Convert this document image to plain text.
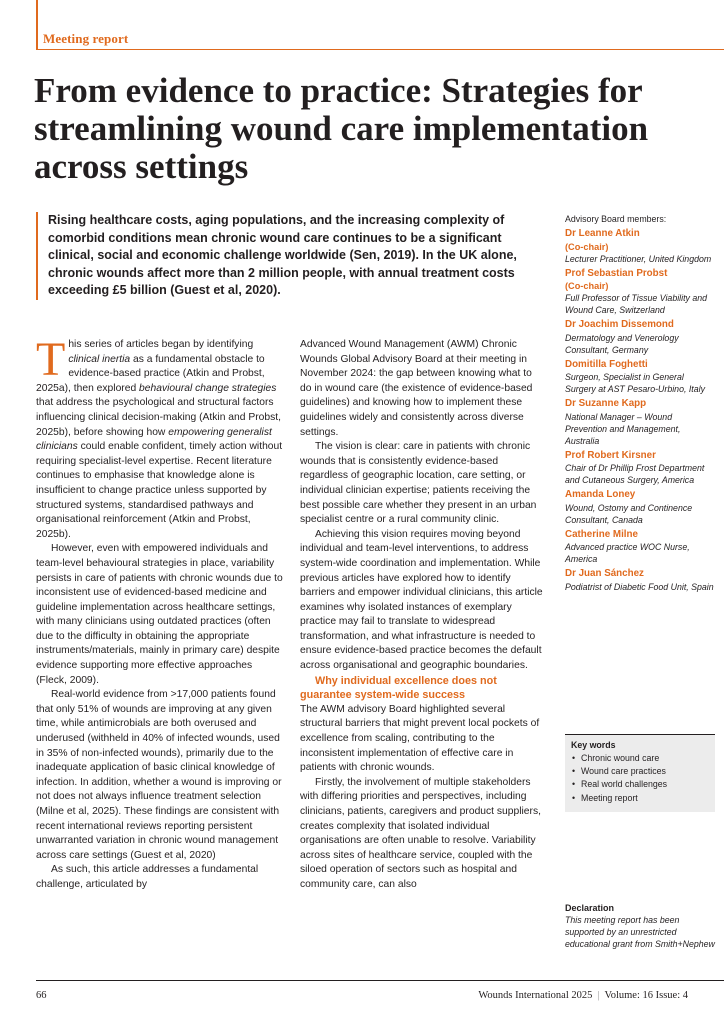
Meeting report
From evidence to practice: Strategies for streamlining wound care implementation across settings

Rising healthcare costs, aging populations, and the increasing complexity of comorbid conditions mean chronic wound care continues to be a significant clinical, social and economic challenge worldwide (Sen, 2019). In the UK alone, chronic wounds affect more than 2 million people, with annual treatment costs exceeding £5 billion (Guest et al, 2020).

This series of articles began by identifying clinical inertia as a fundamental obstacle to evidence-based practice (Atkin and Probst, 2025a), then explored behavioural change strategies that address the psychological and structural factors influencing clinical decision-making (Atkin and Probst, 2025b), before showing how empowering generalist clinicians could enable confident, timely action without requiring specialist-level expertise. Recent literature continues to emphasise that knowledge alone is insufficient to change practice unless supported by structured systems, standardised pathways and organisational reinforcement (Atkin and Probst, 2025b).

However, even with empowered individuals and team-level behavioural strategies in place, variability persists in care of patients with chronic wounds due to inconsistent use of evidenced-based medicine and guideline implementation across healthcare settings, with many clinicians using outdated practices (often due to the difficulty in obtaining the appropriate instruments/materials, mainly in primary care) despite evidence supporting more effective approaches (Fleck, 2009).

Real-world evidence from >17,000 patients found that only 51% of wounds are improving at any given time, while antimicrobials are both overused and underused (withheld in 40% of infected wounds, used in 35% of non-infected wounds), primarily due to the inadequate application of basic clinical knowledge of infection. In addition, whether a wound is improving or not does not always influence treatment selection (Milne et al, 2025). These findings are consistent with recent international reviews reporting persistent unwarranted variation in chronic wound management across care settings (Guest et al, 2020)

As such, this article addresses a fundamental challenge, articulated by

Advanced Wound Management (AWM) Chronic Wounds Global Advisory Board at their meeting in November 2024: the gap between knowing what to do in wound care (the existence of evidence-based guidelines) and knowing how to implement these guidelines widely and consistently across diverse settings.

The vision is clear: care in patients with chronic wounds that is consistently evidence-based regardless of geographic location, care setting, or individual clinician expertise; patients receiving the best possible care whether they present in an urban specialist centre or a rural community clinic.

Achieving this vision requires moving beyond individual and team-level interventions, to address system-wide coordination and implementation. While previous articles have explored how to identify barriers and empower individual clinicians, this article examines why isolated instances of exemplary practice may fail to translate to widespread transformation, and what infrastructure is needed to ensure evidence-based practice becomes the default across organisational and geographic boundaries.

Why individual excellence does not guarantee system-wide success

The AWM advisory Board highlighted several structural barriers that might prevent local pockets of excellence from scaling, contributing to the inconsistent implementation of effective care in patients with chronic wounds.

Firstly, the involvement of multiple stakeholders with differing priorities and perspectives, including clinicians, patients, caregivers and product suppliers, creates complexity that isolated individual organisations are often unable to resolve. Variability across sites of healthcare service, coupled with the siloed operation of sectors such as hospital and community care, can also

Advisory Board members:

Dr Leanne Atkin
(Co-chair)
Lecturer Practitioner, United Kingdom
Prof Sebastian Probst
(Co-chair)
Full Professor of Tissue Viability and Wound Care, Switzerland
Dr Joachim Dissemond
Dermatology and Venerology Consultant, Germany
Domitilla Foghetti
Surgeon, Specialist in General Surgery at AST Pesaro-Urbino, Italy
Dr Suzanne Kapp
National Manager – Wound Prevention and Management, Australia
Prof Robert Kirsner
Chair of Dr Phillip Frost Department and Cutaneous Surgery, America
Amanda Loney
Wound, Ostomy and Continence Consultant, Canada
Catherine Milne
Advanced practice WOC Nurse, America
Dr Juan Sánchez
Podiatrist of Diabetic Food Unit, Spain

Key words

• Chronic wound care
• Wound care practices
• Real world challenges
• Meeting report

Declaration

This meeting report has been supported by an unrestricted educational grant from Smith+Nephew

66	Wounds International 2025 | Volume: 16 Issue: 4
